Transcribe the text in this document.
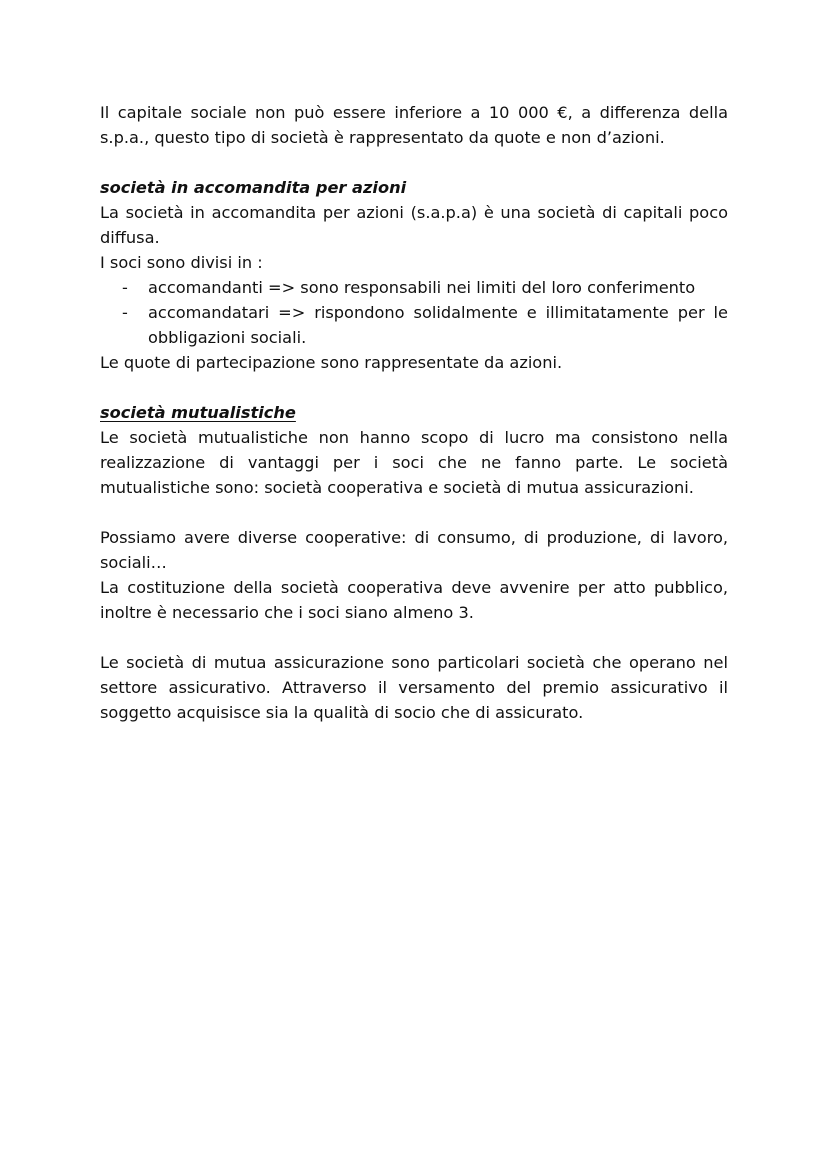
Il capitale sociale non può essere inferiore a 10 000 €, a differenza della s.p.a., questo tipo di società è rappresentato da quote e non d’azioni.

società in accomandita per azioni

La società in accomandita per azioni (s.a.p.a) è una società di capitali poco diffusa.

I soci sono divisi in :

- accomandanti => sono responsabili nei limiti del loro conferimento
- accomandatari => rispondono solidalmente e illimitatamente per le obbligazioni sociali.

Le quote di partecipazione sono rappresentate da azioni.

società mutualistiche

Le società mutualistiche non hanno scopo di lucro ma consistono nella realizzazione di vantaggi per i soci che ne fanno parte. Le società mutualistiche sono: società cooperativa e società di mutua assicurazioni.

Possiamo avere diverse cooperative: di consumo, di produzione, di lavoro, sociali…

La costituzione della società cooperativa deve avvenire per atto pubblico, inoltre è necessario che i soci siano almeno 3.

Le società di mutua assicurazione sono particolari società che operano nel settore assicurativo. Attraverso il versamento del premio assicurativo il soggetto acquisisce sia la qualità di socio che di assicurato.
